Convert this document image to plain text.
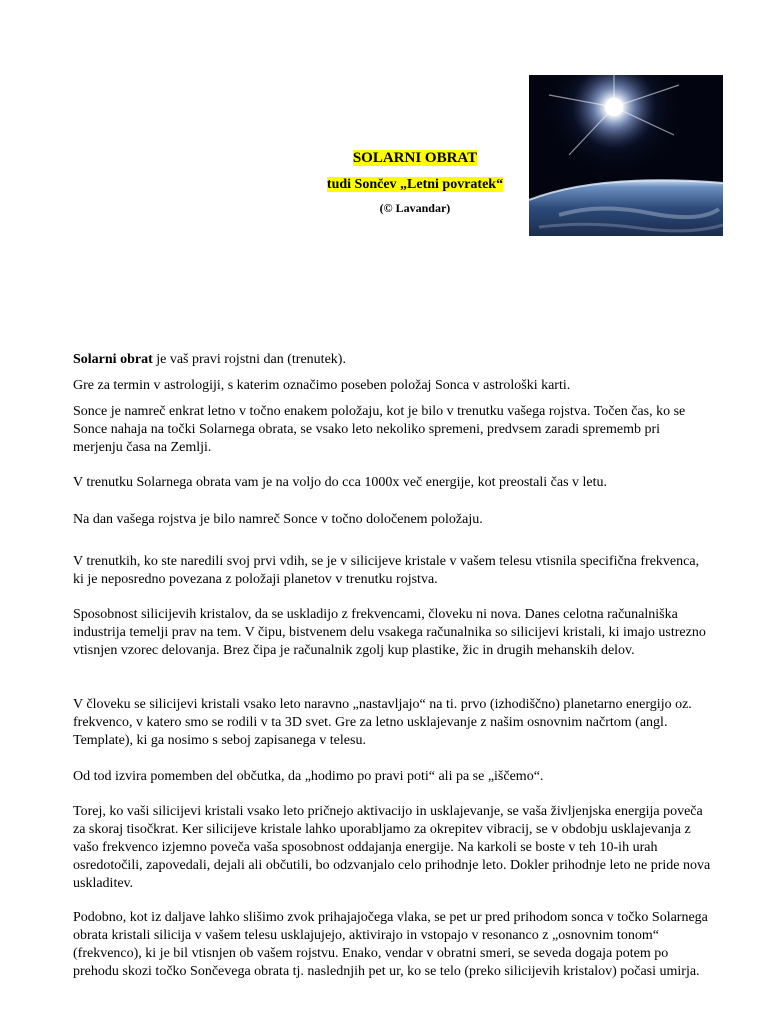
SOLARNI OBRAT
tudi Sončev „Letni povratek“
(© Lavandar)

Solarni obrat je vaš pravi rojstni dan (trenutek).

Gre za termin v astrologiji, s katerim označimo poseben položaj Sonca v astrološki karti.

Sonce je namreč enkrat letno v točno enakem položaju, kot je bilo v trenutku vašega rojstva. Točen čas, ko se Sonce nahaja na točki Solarnega obrata, se vsako leto nekoliko spremeni, predvsem zaradi sprememb pri merjenju časa na Zemlji.

V trenutku Solarnega obrata vam je na voljo do cca 1000x več energije, kot preostali čas v letu.

Na dan vašega rojstva je bilo namreč Sonce v točno določenem položaju.

V trenutkih, ko ste naredili svoj prvi vdih, se je v silicijeve kristale v vašem telesu vtisnila specifična frekvenca, ki je neposredno povezana z položaji planetov v trenutku rojstva.

Sposobnost silicijevih kristalov, da se uskladijo z frekvencami, človeku ni nova. Danes celotna računalniška industrija temelji prav na tem. V čipu, bistvenem delu vsakega računalnika so silicijevi kristali, ki imajo ustrezno vtisnjen vzorec delovanja. Brez čipa je računalnik zgolj kup plastike, žic in drugih mehanskih delov.

V človeku se silicijevi kristali vsako leto naravno „nastavljajo“ na ti. prvo (izhodiščno) planetarno energijo oz. frekvenco, v katero smo se rodili v ta 3D svet. Gre za letno usklajevanje z našim osnovnim načrtom (angl. Template), ki ga nosimo s seboj zapisanega v telesu.

Od tod izvira pomemben del občutka, da „hodimo po pravi poti“ ali pa se „iščemo“.

Torej, ko vaši silicijevi kristali vsako leto pričnejo aktivacijo in usklajevanje, se vaša življenjska energija poveča za skoraj tisočkrat. Ker silicijeve kristale lahko uporabljamo za okrepitev vibracij, se v obdobju usklajevanja z vašo frekvenco izjemno poveča vaša sposobnost oddajanja energije. Na karkoli se boste v teh 10-ih urah osredotočili, zapovedali, dejali ali občutili, bo odzvanjalo celo prihodnje leto. Dokler prihodnje leto ne pride nova uskladitev.

Podobno, kot iz daljave lahko slišimo zvok prihajajočega vlaka, se pet ur pred prihodom sonca v točko Solarnega obrata kristali silicija v vašem telesu usklajujejo, aktivirajo in vstopajo v resonanco z „osnovnim tonom“ (frekvenco), ki je bil vtisnjen ob vašem rojstvu. Enako, vendar v obratni smeri, se seveda dogaja potem po prehodu skozi točko Sončevega obrata tj. naslednjih pet ur, ko se telo (preko silicijevih kristalov) počasi umirja.
